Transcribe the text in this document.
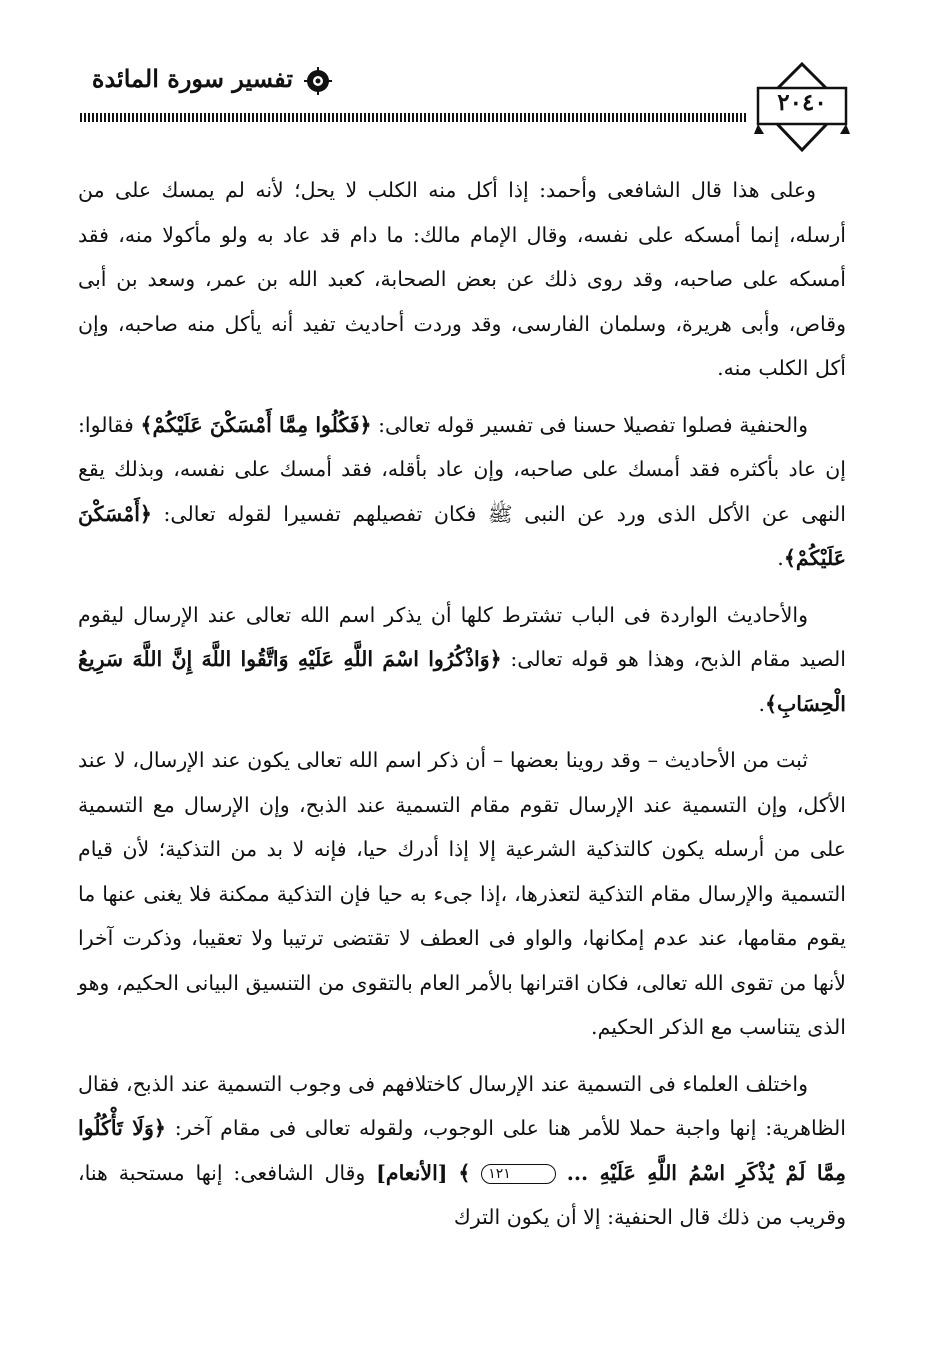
تفسير سورة المائدة
٢٠٤٠

وعلى هذا قال الشافعى وأحمد: إذا أكل منه الكلب لا يحل؛ لأنه لم يمسك على من أرسله، إنما أمسكه على نفسه، وقال الإمام مالك: ما دام قد عاد به ولو مأكولا منه، فقد أمسكه على صاحبه، وقد روى ذلك عن بعض الصحابة، كعبد الله بن عمر، وسعد بن أبى وقاص، وأبى هريرة، وسلمان الفارسى، وقد وردت أحاديث تفيد أنه يأكل منه صاحبه، وإن أكل الكلب منه.

والحنفية فصلوا تفصيلا حسنا فى تفسير قوله تعالى: ﴿فَكُلُوا مِمَّا أَمْسَكْنَ عَلَيْكُمْ﴾ فقالوا: إن عاد بأكثره فقد أمسك على صاحبه، وإن عاد بأقله، فقد أمسك على نفسه، وبذلك يقع النهى عن الأكل الذى ورد عن النبى ﷺ فكان تفصيلهم تفسيرا لقوله تعالى: ﴿أَمْسَكْنَ عَلَيْكُمْ﴾.

والأحاديث الواردة فى الباب تشترط كلها أن يذكر اسم الله تعالى عند الإرسال ليقوم الصيد مقام الذبح، وهذا هو قوله تعالى: ﴿وَاذْكُرُوا اسْمَ اللَّهِ عَلَيْهِ وَاتَّقُوا اللَّهَ إِنَّ اللَّهَ سَرِيعُ الْحِسَابِ﴾.

ثبت من الأحاديث – وقد روينا بعضها – أن ذكر اسم الله تعالى يكون عند الإرسال، لا عند الأكل، وإن التسمية عند الإرسال تقوم مقام التسمية عند الذبح، وإن الإرسال مع التسمية على من أرسله يكون كالتذكية الشرعية إلا إذا أدرك حيا، فإنه لا بد من التذكية؛ لأن قيام التسمية والإرسال مقام التذكية لتعذرها، ،إذا جىء به حيا فإن التذكية ممكنة فلا يغنى عنها ما يقوم مقامها، عند عدم إمكانها، والواو فى العطف لا تقتضى ترتيبا ولا تعقيبا، وذكرت آخرا لأنها من تقوى الله تعالى، فكان اقترانها بالأمر العام بالتقوى من التنسيق البيانى الحكيم، وهو الذى يتناسب مع الذكر الحكيم.

واختلف العلماء فى التسمية عند الإرسال كاختلافهم فى وجوب التسمية عند الذبح، فقال الظاهرية: إنها واجبة حملا للأمر هنا على الوجوب، ولقوله تعالى فى مقام آخر: ﴿وَلَا تَأْكُلُوا مِمَّا لَمْ يُذْكَرِ اسْمُ اللَّهِ عَلَيْهِ ... ١٢١ ﴾ [الأنعام] وقال الشافعى: إنها مستحبة هنا، وقريب من ذلك قال الحنفية: إلا أن يكون الترك
